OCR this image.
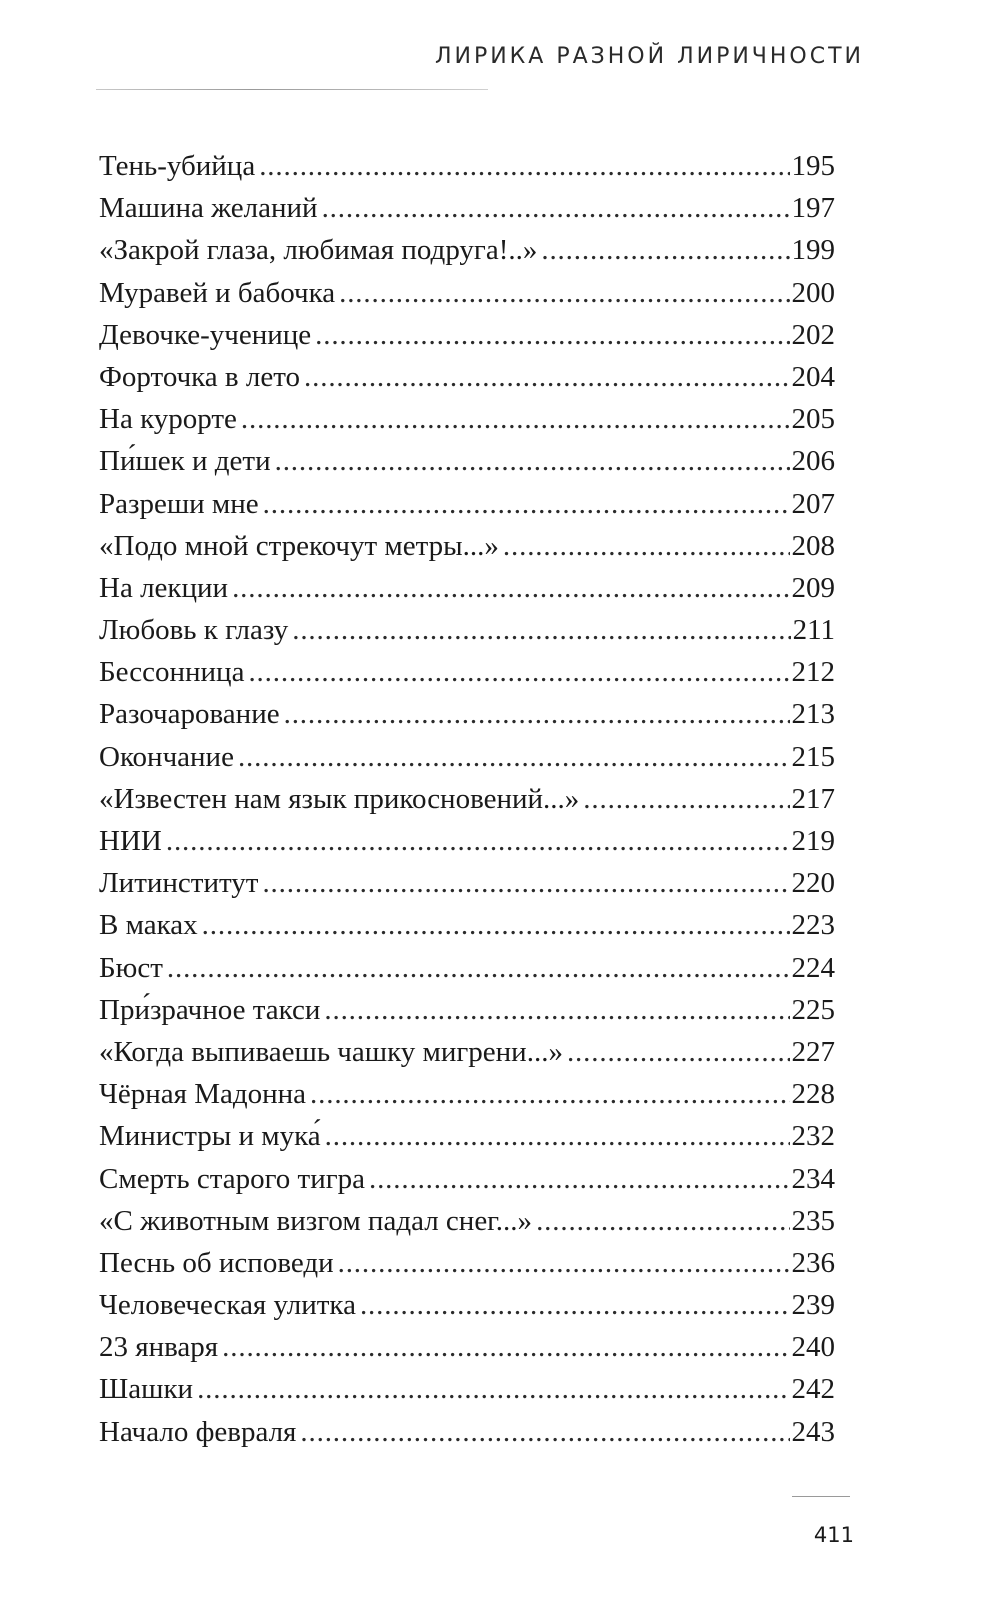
ЛИРИКА РАЗНОЙ ЛИРИЧНОСТИ
Тень-убийца . . .	195
Машина желаний . . .	197
«Закрой глаза, любимая подруга!..» . . .	199
Муравей и бабочка . . .	200
Девочке-ученице . . .	202
Форточка в лето . . .	204
На курорте . . .	205
Пи́шек и дети . . .	206
Разреши мне . . .	207
«Подо мной стрекочут метры...» . . .	208
На лекции . . .	209
Любовь к глазу . . .	211
Бессонница . . .	212
Разочарование . . .	213
Окончание . . .	215
«Известен нам язык прикосновений...» . . .	217
НИИ . . .	219
Литинститут . . .	220
В маках . . .	223
Бюст . . .	224
При́зрачное такси . . .	225
«Когда выпиваешь чашку мигрени...» . . .	227
Чёрная Мадонна . . .	228
Министры и мука́ . . .	232
Смерть старого тигра . . .	234
«С животным визгом падал снег...» . . .	235
Песнь об исповеди . . .	236
Человеческая улитка . . .	239
23 января . . .	240
Шашки . . .	242
Начало февраля . . .	243
411
